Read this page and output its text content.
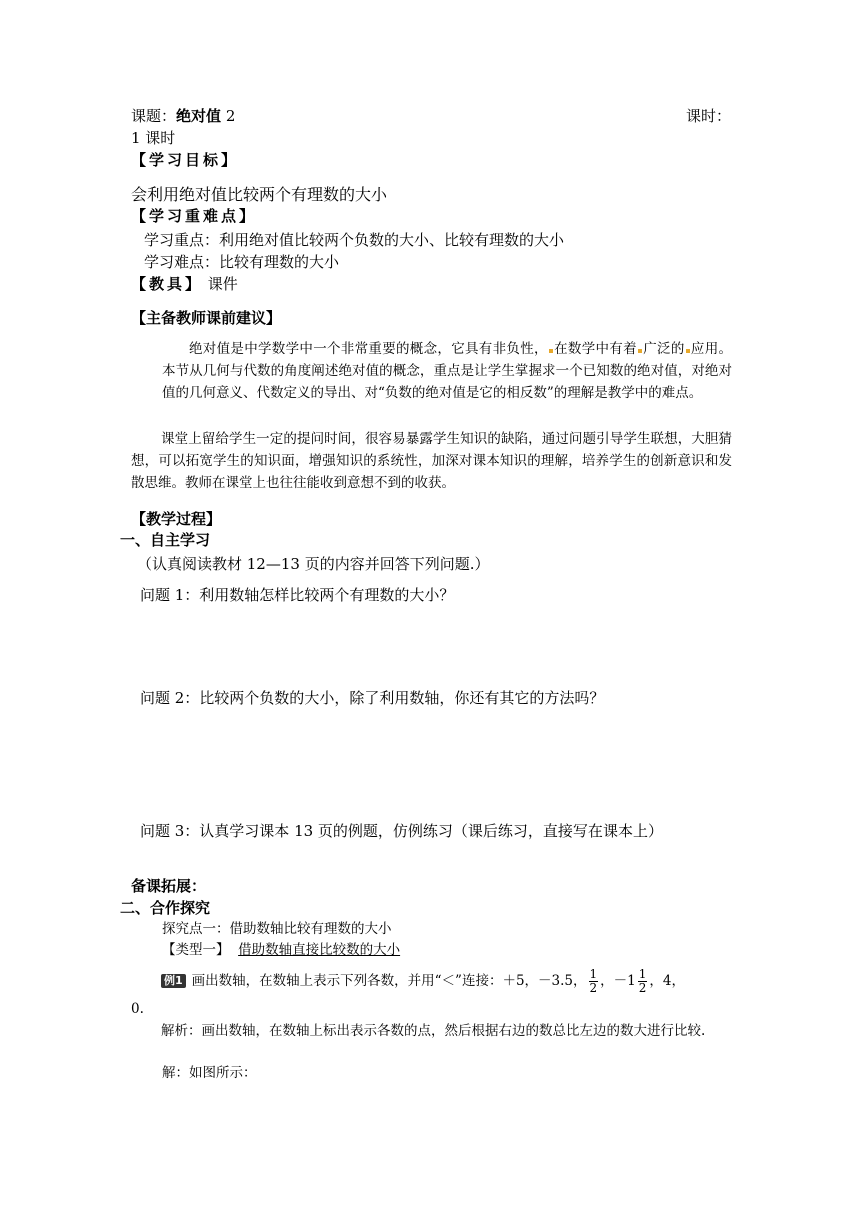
课题：绝对值 2	课时：
1 课时
【学习目标】
会利用绝对值比较两个有理数的大小
【学习重难点】
学习重点：利用绝对值比较两个负数的大小、比较有理数的大小
学习难点：比较有理数的大小
【教具】 课件
【主备教师课前建议】
绝对值是中学数学中一个非常重要的概念，它具有非负性， 在数学中有着 广泛的 应用。本节从几何与代数的角度阐述绝对值的概念，重点是让学生掌握求一个已知数的绝对值，对绝对值的几何意义、代数定义的导出、对“负数的绝对值是它的相反数”的理解是教学中的难点。
课堂上留给学生一定的提问时间，很容易暴露学生知识的缺陷，通过问题引导学生联想，大胆猜想，可以拓宽学生的知识面，增强知识的系统性，加深对课本知识的理解，培养学生的创新意识和发散思维。教师在课堂上也往往能收到意想不到的收获。
【教学过程】
一、自主学习
（认真阅读教材 12—13 页的内容并回答下列问题.）
问题 1：利用数轴怎样比较两个有理数的大小？
问题 2：比较两个负数的大小，除了利用数轴，你还有其它的方法吗？
问题 3：认真学习课本 13 页的例题，仿例练习（课后练习，直接写在课本上）
备课拓展：
二、合作探究
探究点一：借助数轴比较有理数的大小
【类型一】 借助数轴直接比较数的大小
例1 画出数轴，在数轴上表示下列各数，并用“＜”连接：＋5，－3.5， $\frac{1}{2}$ ，$-1 \frac{1}{2}$ ，4，
0.
解析：画出数轴，在数轴上标出表示各数的点，然后根据右边的数总比左边的数大进行比较.
解：如图所示：
